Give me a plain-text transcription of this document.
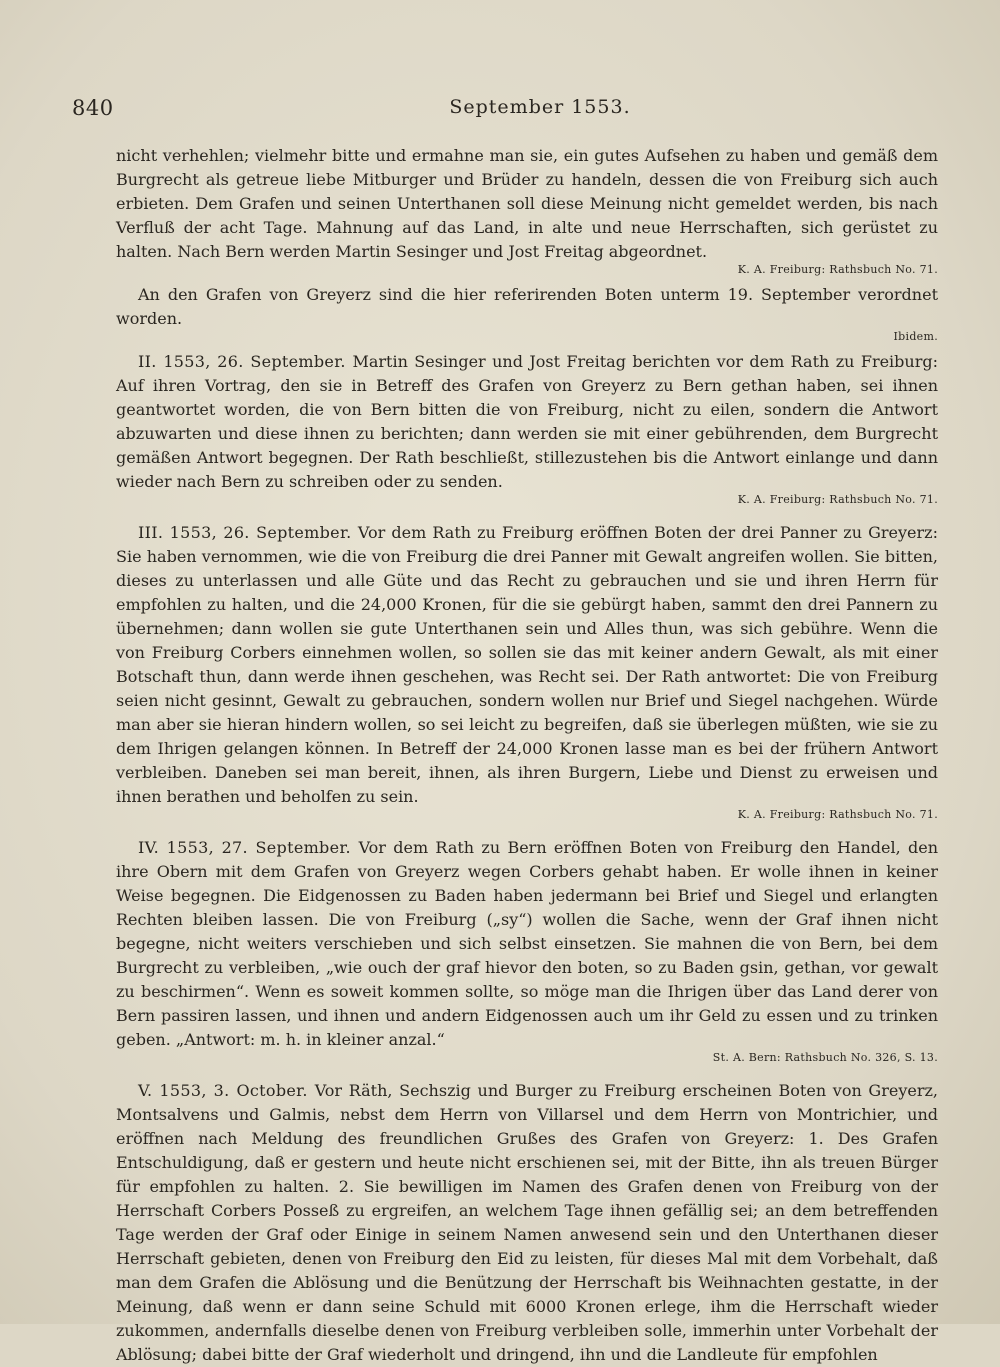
840	September 1553.

nicht verhehlen; vielmehr bitte und ermahne man sie, ein gutes Aufsehen zu haben und gemäß dem Burgrecht als getreue liebe Mitburger und Brüder zu handeln, dessen die von Freiburg sich auch erbieten. Dem Grafen und seinen Unterthanen soll diese Meinung nicht gemeldet werden, bis nach Verfluß der acht Tage. Mahnung auf das Land, in alte und neue Herrschaften, sich gerüstet zu halten. Nach Bern werden Martin Sesinger und Jost Freitag abgeordnet.

K. A. Freiburg: Rathsbuch No. 71.

An den Grafen von Greyerz sind die hier referirenden Boten unterm 19. September verordnet worden.

Ibidem.

II. 1553, 26. September. Martin Sesinger und Jost Freitag berichten vor dem Rath zu Freiburg: Auf ihren Vortrag, den sie in Betreff des Grafen von Greyerz zu Bern gethan haben, sei ihnen geantwortet worden, die von Bern bitten die von Freiburg, nicht zu eilen, sondern die Antwort abzuwarten und diese ihnen zu berichten; dann werden sie mit einer gebührenden, dem Burgrecht gemäßen Antwort begegnen. Der Rath beschließt, stillezustehen bis die Antwort einlange und dann wieder nach Bern zu schreiben oder zu senden.

K. A. Freiburg: Rathsbuch No. 71.

III. 1553, 26. September. Vor dem Rath zu Freiburg eröffnen Boten der drei Panner zu Greyerz: Sie haben vernommen, wie die von Freiburg die drei Panner mit Gewalt angreifen wollen. Sie bitten, dieses zu unterlassen und alle Güte und das Recht zu gebrauchen und sie und ihren Herrn für empfohlen zu halten, und die 24,000 Kronen, für die sie gebürgt haben, sammt den drei Pannern zu übernehmen; dann wollen sie gute Unterthanen sein und Alles thun, was sich gebühre. Wenn die von Freiburg Corbers einnehmen wollen, so sollen sie das mit keiner andern Gewalt, als mit einer Botschaft thun, dann werde ihnen geschehen, was Recht sei. Der Rath antwortet: Die von Freiburg seien nicht gesinnt, Gewalt zu gebrauchen, sondern wollen nur Brief und Siegel nachgehen. Würde man aber sie hieran hindern wollen, so sei leicht zu begreifen, daß sie überlegen müßten, wie sie zu dem Ihrigen gelangen können. In Betreff der 24,000 Kronen lasse man es bei der frühern Antwort verbleiben. Daneben sei man bereit, ihnen, als ihren Burgern, Liebe und Dienst zu erweisen und ihnen berathen und beholfen zu sein.

K. A. Freiburg: Rathsbuch No. 71.

IV. 1553, 27. September. Vor dem Rath zu Bern eröffnen Boten von Freiburg den Handel, den ihre Obern mit dem Grafen von Greyerz wegen Corbers gehabt haben. Er wolle ihnen in keiner Weise begegnen. Die Eidgenossen zu Baden haben jedermann bei Brief und Siegel und erlangten Rechten bleiben lassen. Die von Freiburg („sy“) wollen die Sache, wenn der Graf ihnen nicht begegne, nicht weiters verschieben und sich selbst einsetzen. Sie mahnen die von Bern, bei dem Burgrecht zu verbleiben, „wie ouch der graf hievor den boten, so zu Baden gsin, gethan, vor gewalt zu beschirmen“. Wenn es soweit kommen sollte, so möge man die Ihrigen über das Land derer von Bern passiren lassen, und ihnen und andern Eidgenossen auch um ihr Geld zu essen und zu trinken geben. „Antwort: m. h. in kleiner anzal.“

St. A. Bern: Rathsbuch No. 326, S. 13.

V. 1553, 3. October. Vor Räth, Sechszig und Burger zu Freiburg erscheinen Boten von Greyerz, Montsalvens und Galmis, nebst dem Herrn von Villarsel und dem Herrn von Montrichier, und eröffnen nach Meldung des freundlichen Grußes des Grafen von Greyerz: 1. Des Grafen Entschuldigung, daß er gestern und heute nicht erschienen sei, mit der Bitte, ihn als treuen Bürger für empfohlen zu halten. 2. Sie bewilligen im Namen des Grafen denen von Freiburg von der Herrschaft Corbers Posseß zu ergreifen, an welchem Tage ihnen gefällig sei; an dem betreffenden Tage werden der Graf oder Einige in seinem Namen anwesend sein und den Unterthanen dieser Herrschaft gebieten, denen von Freiburg den Eid zu leisten, für dieses Mal mit dem Vorbehalt, daß man dem Grafen die Ablösung und die Benützung der Herrschaft bis Weihnachten gestatte, in der Meinung, daß wenn er dann seine Schuld mit 6000 Kronen erlege, ihm die Herrschaft wieder zukommen, andernfalls dieselbe denen von Freiburg verbleiben solle, immerhin unter Vorbehalt der Ablösung; dabei bitte der Graf wiederholt und dringend, ihn und die Landleute für empfohlen
